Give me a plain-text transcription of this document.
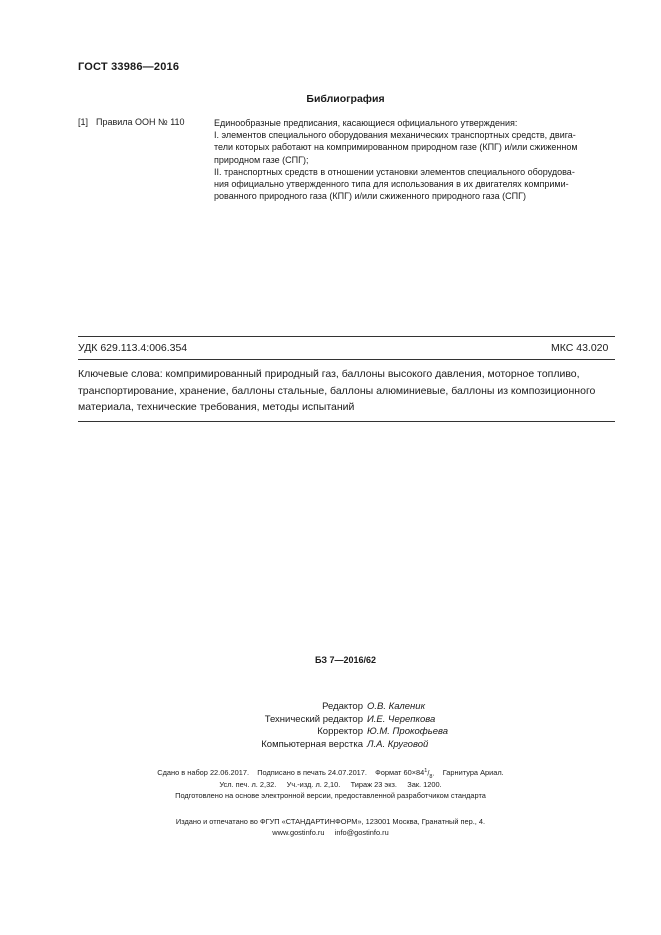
ГОСТ 33986—2016
Библиография
[1] Правила ООН № 110	Единообразные предписания, касающиеся официального утверждения:
I. элементов специального оборудования механических транспортных средств, двига-
тели которых работают на компримированном природном газе (КПГ) и/или сжиженном
природном газе (СПГ);
II. транспортных средств в отношении установки элементов специального оборудова-
ния официально утвержденного типа для использования в их двигателях комприми-
рованного природного газа (КПГ) и/или сжиженного природного газа (СПГ)
УДК 629.113.4:006.354	МКС 43.020
Ключевые слова: компримированный природный газ, баллоны высокого давления, моторное топливо, транспортирование, хранение, баллоны стальные, баллоны алюминиевые, баллоны из композиционного материала, технические требования, методы испытаний
БЗ 7—2016/62
Редактор О.В. Каленик
Технический редактор И.Е. Черепкова
Корректор Ю.М. Прокофьева
Компьютерная верстка Л.А. Круговой
Сдано в набор 22.06.2017. Подписано в печать 24.07.2017. Формат $60\times 84^1/_8$. Гарнитура Ариал.
Усл. печ. л. 2,32. Уч.-изд. л. 2,10. Тираж 23 экз. Зак. 1200.
Подготовлено на основе электронной версии, предоставленной разработчиком стандарта
Издано и отпечатано во ФГУП «СТАНДАРТИНФОРМ», 123001 Москва, Гранатный пер., 4.
www.gostinfo.ru info@gostinfo.ru
